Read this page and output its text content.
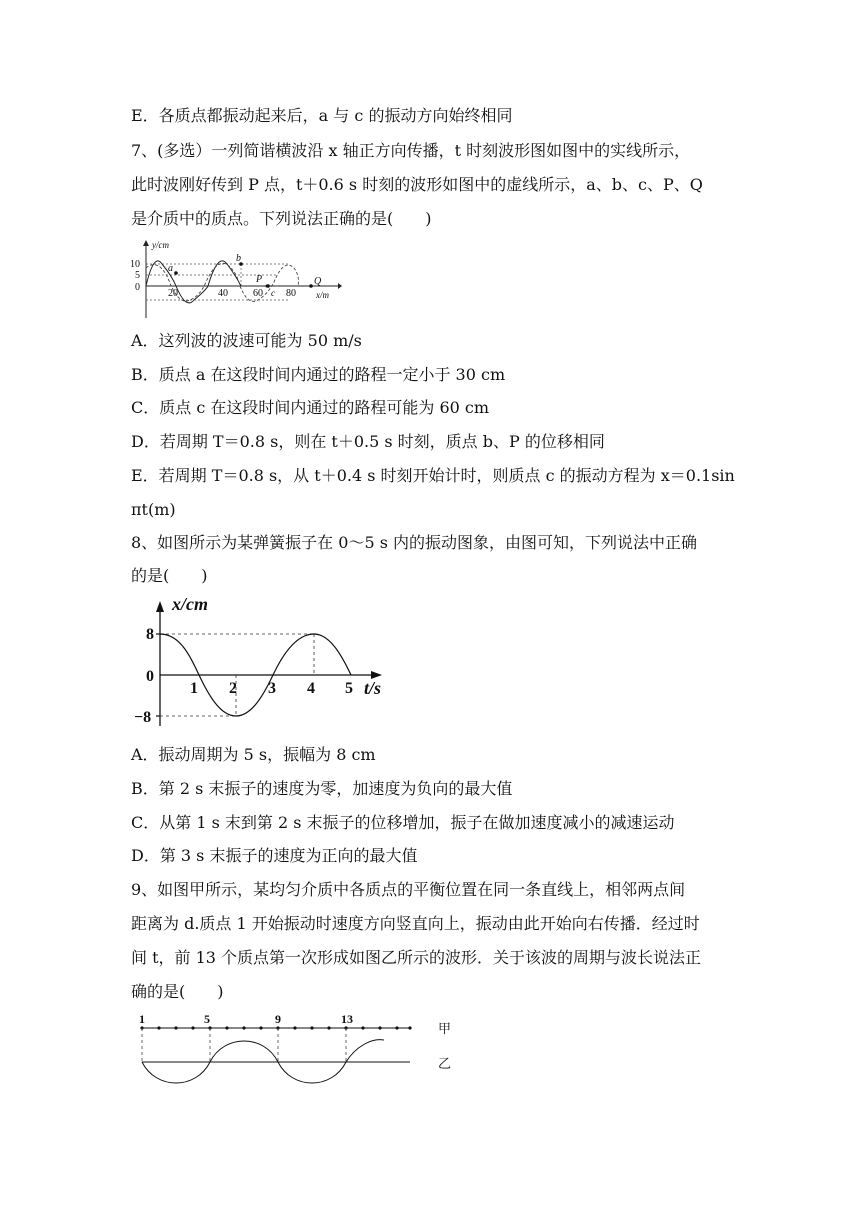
E．各质点都振动起来后，a 与 c 的振动方向始终相同
7、(多选）一列简谐横波沿 x 轴正方向传播，t 时刻波形图如图中的实线所示，
此时波刚好传到 P 点，t＋0.6 s 时刻的波形如图中的虚线所示，a、b、c、P、Q
是介质中的质点。下列说法正确的是(　　)
10
5
0
y/cm
20	40	60 80 x/m
a
b
P
c
Q
A．这列波的波速可能为 50 m/s
B．质点 a 在这段时间内通过的路程一定小于 30 cm
C．质点 c 在这段时间内通过的路程可能为 60 cm
D．若周期 T＝0.8 s，则在 t＋0.5 s 时刻，质点 b、P 的位移相同
E．若周期 T＝0.8 s，从 t＋0.4 s 时刻开始计时，则质点 c 的振动方程为 x＝0.1sin
πt(m)
8、如图所示为某弹簧振子在 0～5 s 内的振动图象，由图可知，下列说法中正确
的是(　　)
x/cm
8
0
−8
1 2 3 4 5 t/s
A．振动周期为 5 s，振幅为 8 cm
B．第 2 s 末振子的速度为零，加速度为负向的最大值
C．从第 1 s 末到第 2 s 末振子的位移增加，振子在做加速度减小的减速运动
D．第 3 s 末振子的速度为正向的最大值
9、如图甲所示，某均匀介质中各质点的平衡位置在同一条直线上，相邻两点间
距离为 d.质点 1 开始振动时速度方向竖直向上，振动由此开始向右传播．经过时
间 t，前 13 个质点第一次形成如图乙所示的波形．关于该波的周期与波长说法正
确的是(　　)
1	5	9	13
甲
乙
